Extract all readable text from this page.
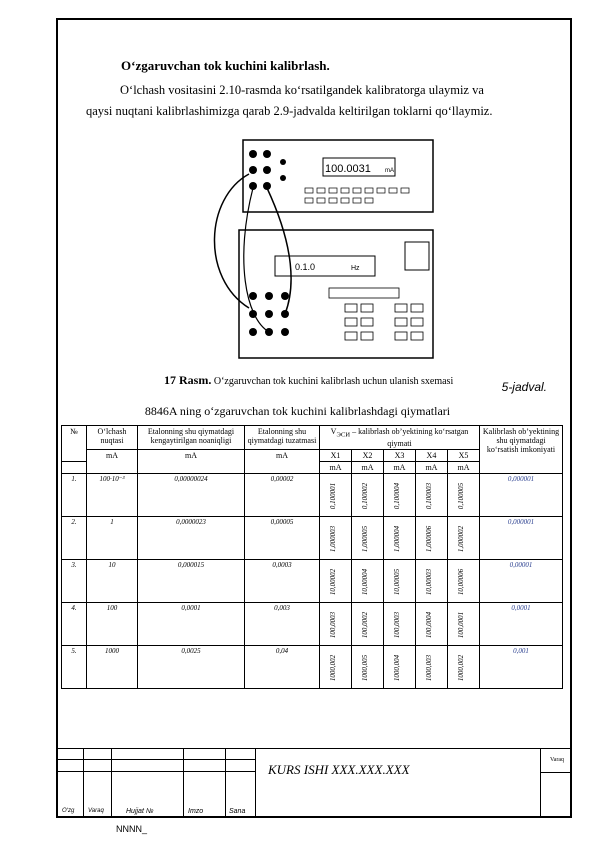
O‘zgaruvchan tok kuchini kalibrlash.
O‘lchash vositasini 2.10-rasmda ko‘rsatilgandek kalibratorga ulaymiz va
qaysi nuqtani kalibrlashimizga qarab 2.9-jadvalda keltirilgan toklarni qo‘llaymiz.
100.0031 mA
0.1.0	Hz
17 Rasm. O‘zgaruvchan tok kuchini kalibrlash uchun ulanish sxemasi	5-jadval.
8846A ning o‘zgaruvchan tok kuchini kalibrlashdagi qiymatlari
№	O‘lchash nuqtasi	Etalonning shu qiymatdagi kengaytirilgan noaniqligi	Etalonning shu qiymatdagi tuzatmasi	$V_{ЭСИ}$ – kalibrlash ob’yektining ko‘rsatgan qiymati					Kalibrlash ob’yektining shu qiymatdagi ko‘rsatish imkoniyati
	mA	mA	mA	X1	X2	X3	X4	X5	
				mA	mA	mA	mA	mA	
1.	100·10⁻³	0,00000024	0,00002	0,100001	0,100002	0,100004	0,100003	0,100005	0,000001
2.	1	0,0000023	0,00005	1,000003	1,000005	1,000004	1,000006	1,000002	0,000001
3.	10	0,000015	0,0003	10,00002	10,00004	10,00005	10,00003	10,00006	0,00001
4.	100	0,0001	0,003	100,0003	100,0002	100,0003	100,0004	100,0001	0,0001
5.	1000	0,0025	0,04	1000,002	1000,005	1000,004	1000,003	1000,002	0,001
KURS ISHI XXX.XXX.XXX
Varaq
O‘zg Varaq	Hujjat №	Imzo	Sana
NNNN_
